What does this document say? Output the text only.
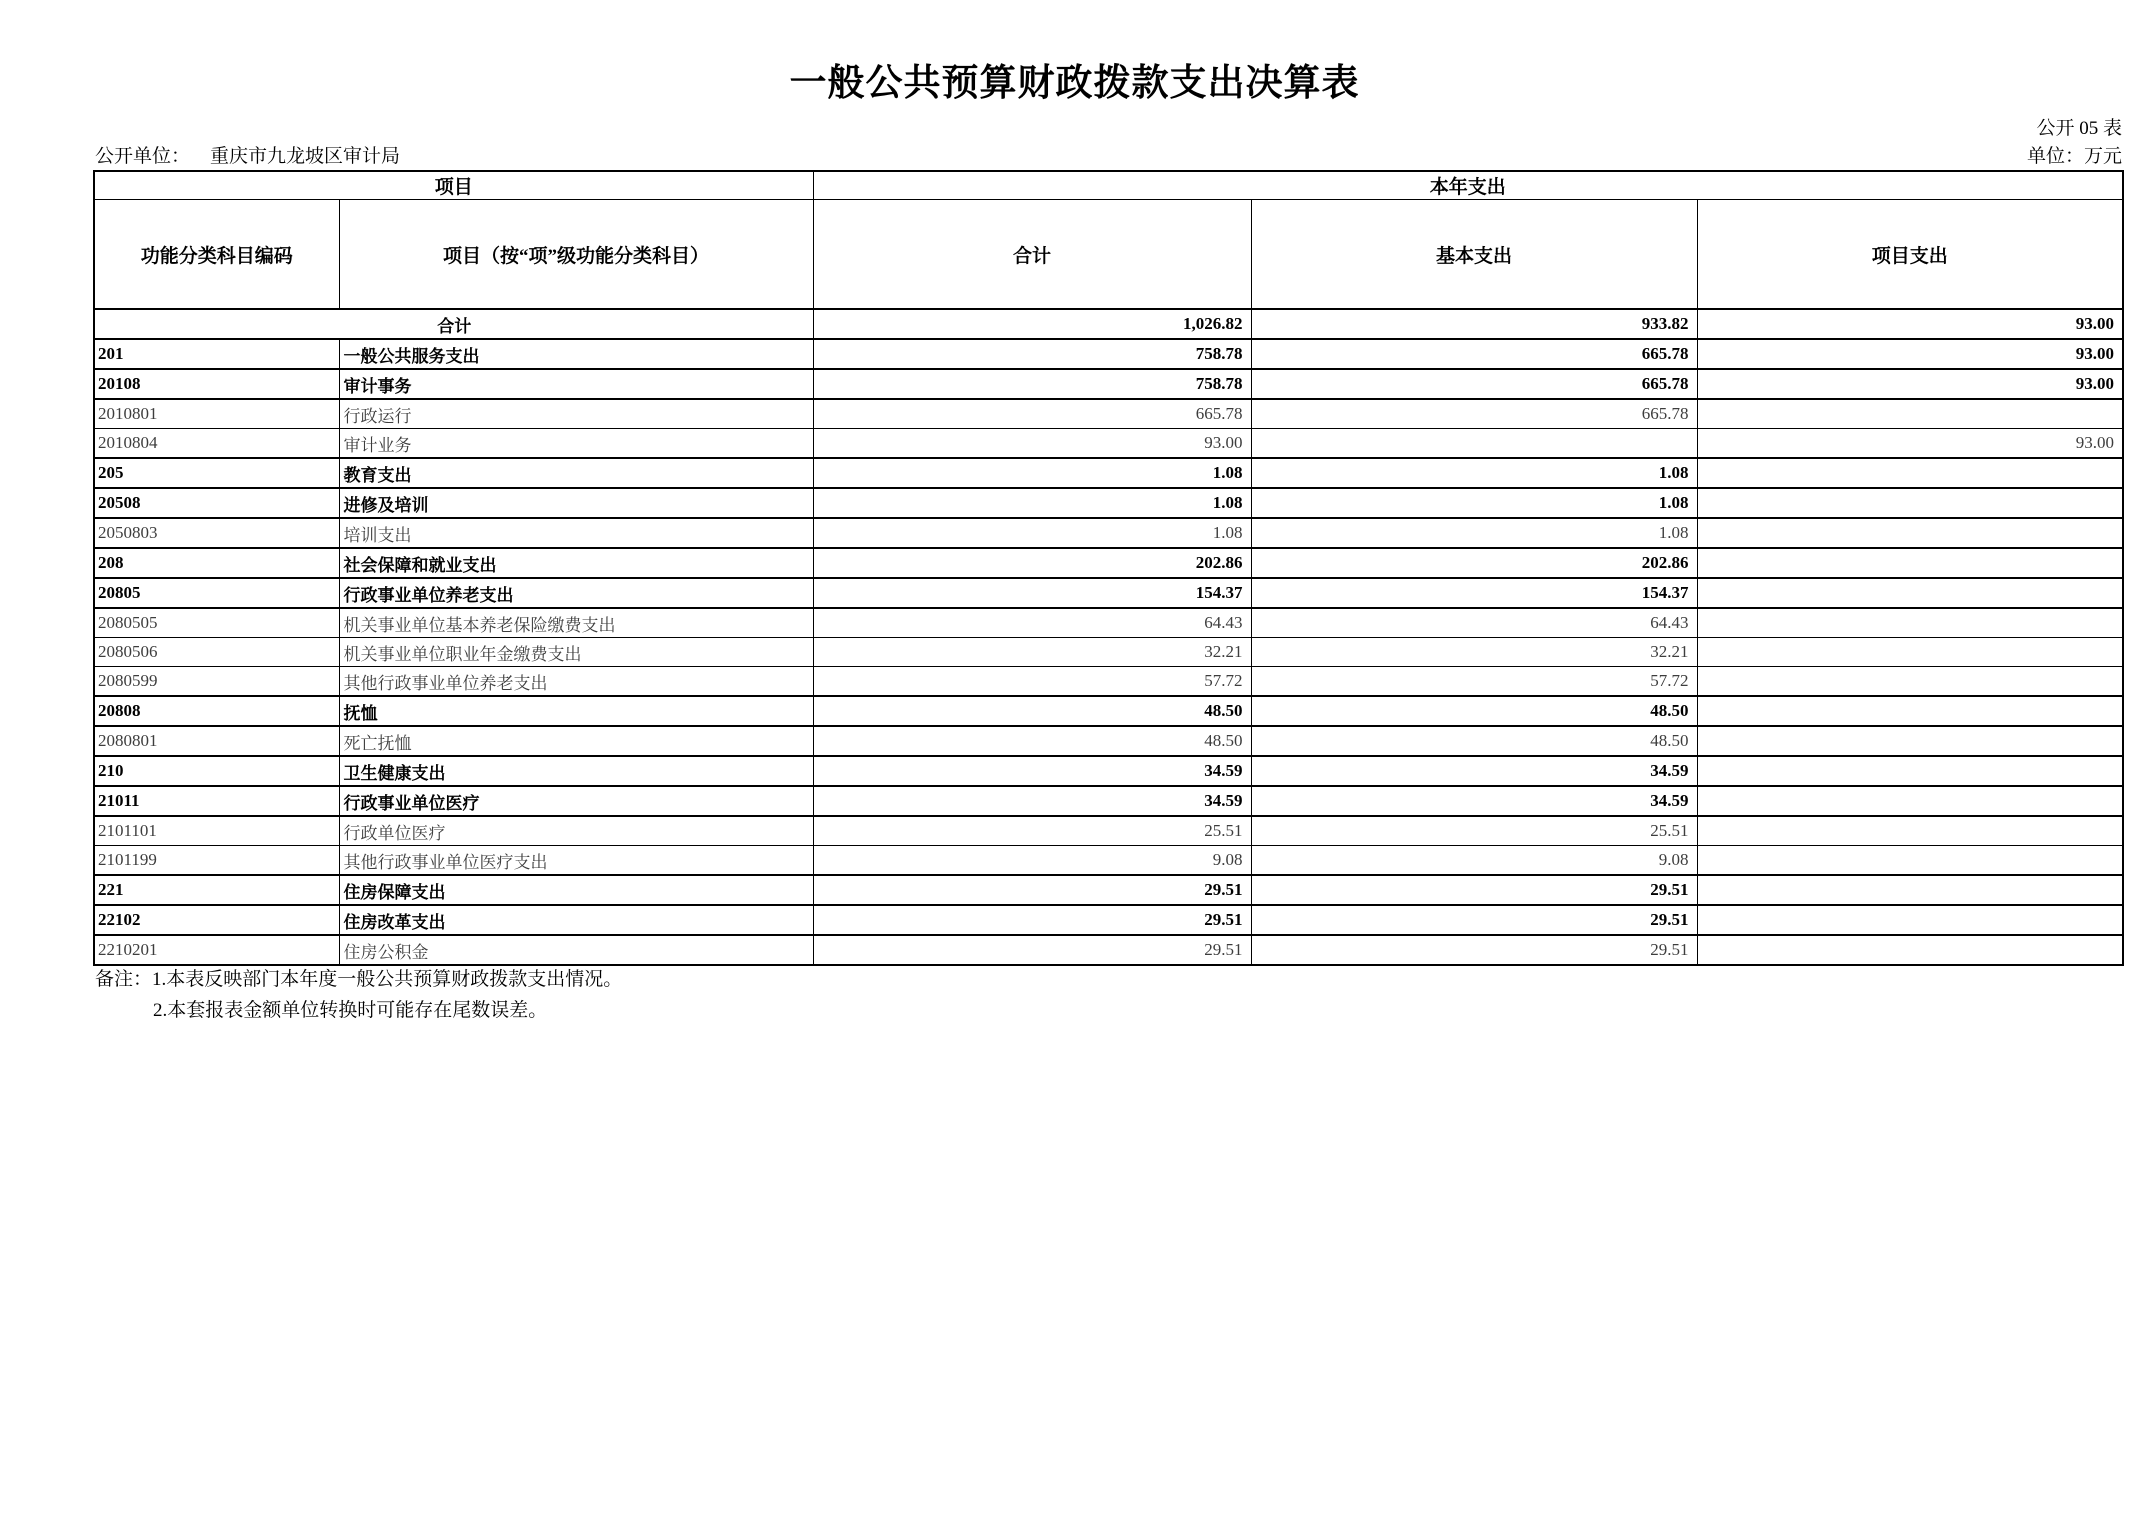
一般公共预算财政拨款支出决算表
公开 05 表
公开单位： 重庆市九龙坡区审计局	单位：万元
项目		本年支出		
功能分类科目编码	项目（按“项”级功能分类科目）	合计	基本支出	项目支出
合计		1,026.82	933.82	93.00
201	一般公共服务支出	758.78	665.78	93.00
20108	审计事务	758.78	665.78	93.00
2010801	行政运行	665.78	665.78	
2010804	审计业务	93.00		93.00
205	教育支出	1.08	1.08	
20508	进修及培训	1.08	1.08	
2050803	培训支出	1.08	1.08	
208	社会保障和就业支出	202.86	202.86	
20805	行政事业单位养老支出	154.37	154.37	
2080505	机关事业单位基本养老保险缴费支出	64.43	64.43	
2080506	机关事业单位职业年金缴费支出	32.21	32.21	
2080599	其他行政事业单位养老支出	57.72	57.72	
20808	抚恤	48.50	48.50	
2080801	死亡抚恤	48.50	48.50	
210	卫生健康支出	34.59	34.59	
21011	行政事业单位医疗	34.59	34.59	
2101101	行政单位医疗	25.51	25.51	
2101199	其他行政事业单位医疗支出	9.08	9.08	
221	住房保障支出	29.51	29.51	
22102	住房改革支出	29.51	29.51	
2210201	住房公积金	29.51	29.51	
备注：1.本表反映部门本年度一般公共预算财政拨款支出情况。
2.本套报表金额单位转换时可能存在尾数误差。
